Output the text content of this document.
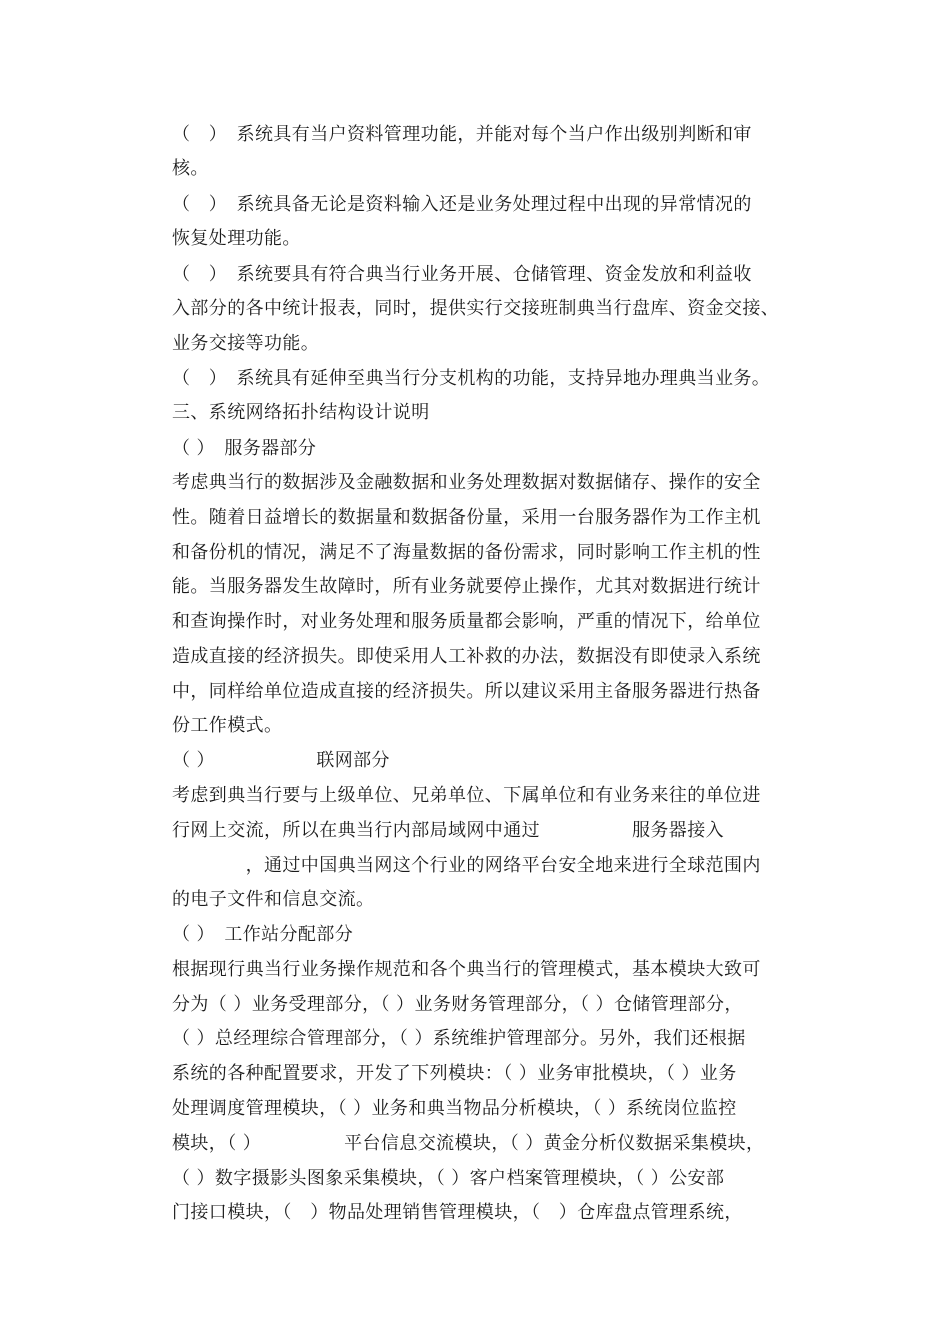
（　）　系统具有当户资料管理功能，并能对每个当户作出级别判断和审
核。
（　）　系统具备无论是资料输入还是业务处理过程中出现的异常情况的
恢复处理功能。
（　）　系统要具有符合典当行业务开展、仓储管理、资金发放和利益收
入部分的各中统计报表，同时，提供实行交接班制典当行盘库、资金交接、
业务交接等功能。
（　）　系统具有延伸至典当行分支机构的功能，支持异地办理典当业务。
三、系统网络拓扑结构设计说明
（ ）　服务器部分
考虑典当行的数据涉及金融数据和业务处理数据对数据储存、操作的安全
性。随着日益增长的数据量和数据备份量，采用一台服务器作为工作主机
和备份机的情况，满足不了海量数据的备份需求，同时影响工作主机的性
能。当服务器发生故障时，所有业务就要停止操作，尤其对数据进行统计
和查询操作时，对业务处理和服务质量都会影响，严重的情况下，给单位
造成直接的经济损失。即使采用人工补救的办法，数据没有即使录入系统
中，同样给单位造成直接的经济损失。所以建议采用主备服务器进行热备
份工作模式。
（ ）　　　　　　联网部分
考虑到典当行要与上级单位、兄弟单位、下属单位和有业务来往的单位进
行网上交流，所以在典当行内部局域网中通过　　　　　服务器接入
　　　　，通过中国典当网这个行业的网络平台安全地来进行全球范围内
的电子文件和信息交流。
（ ）　工作站分配部分
根据现行典当行业务操作规范和各个典当行的管理模式，基本模块大致可
分为（ ）业务受理部分，（ ）业务财务管理部分，（ ）仓储管理部分，
（ ）总经理综合管理部分，（ ）系统维护管理部分。另外，我们还根据
系统的各种配置要求，开发了下列模块：（ ）业务审批模块，（ ）业务
处理调度管理模块，（ ）业务和典当物品分析模块，（ ）系统岗位监控
模块，（ ）　　　　　平台信息交流模块，（ ）黄金分析仪数据采集模块，
（ ）数字摄影头图象采集模块，（ ）客户档案管理模块，（ ）公安部
门接口模块，（　）物品处理销售管理模块，（　）仓库盘点管理系统，
